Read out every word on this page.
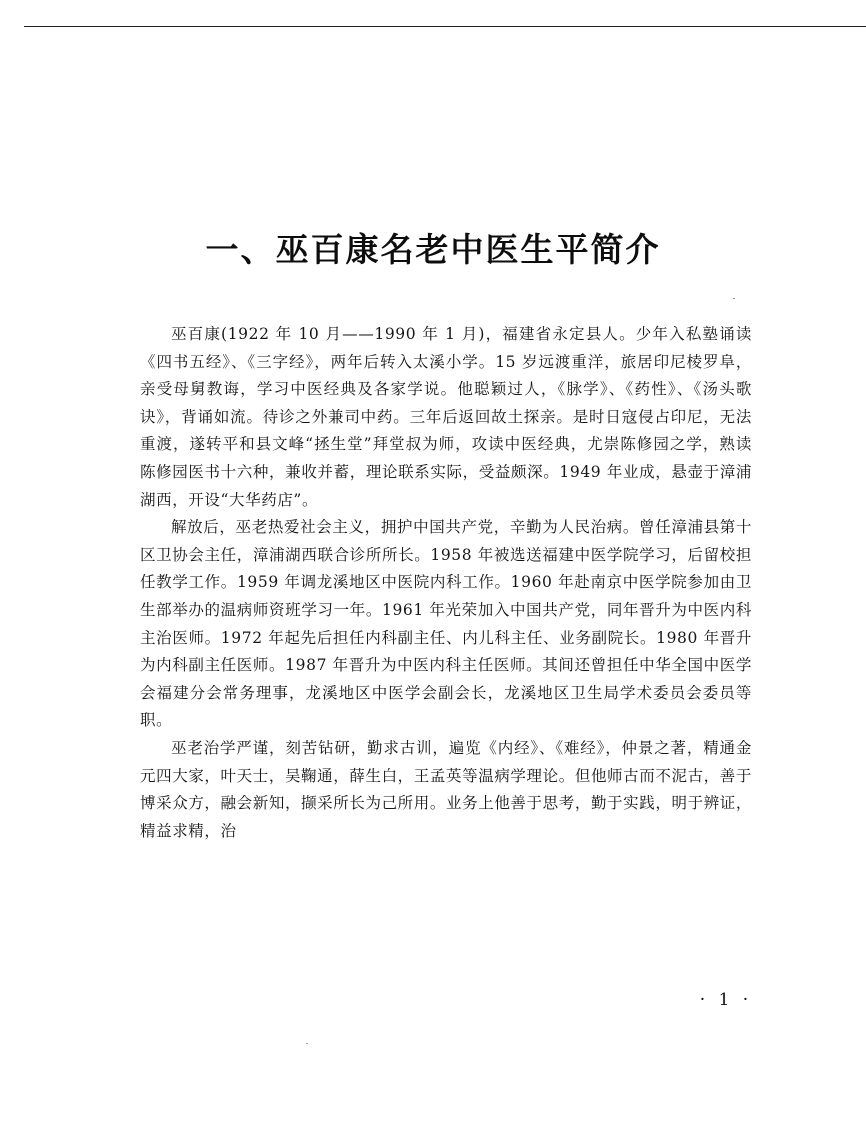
一、巫百康名老中医生平简介

巫百康(1922 年 10 月——1990 年 1 月)，福建省永定县人。少年入私塾诵读《四书五经》、《三字经》，两年后转入太溪小学。15 岁远渡重洋，旅居印尼棱罗阜，亲受母舅教诲，学习中医经典及各家学说。他聪颖过人，《脉学》、《药性》、《汤头歌诀》，背诵如流。待诊之外兼司中药。三年后返回故土探亲。是时日寇侵占印尼，无法重渡，遂转平和县文峰“拯生堂”拜堂叔为师，攻读中医经典，尤崇陈修园之学，熟读陈修园医书十六种，兼收并蓄，理论联系实际，受益颇深。1949 年业成，悬壶于漳浦湖西，开设“大华药店”。

解放后，巫老热爱社会主义，拥护中国共产党，辛勤为人民治病。曾任漳浦县第十区卫协会主任，漳浦湖西联合诊所所长。1958 年被选送福建中医学院学习，后留校担任教学工作。1959 年调龙溪地区中医院内科工作。1960 年赴南京中医学院参加由卫生部举办的温病师资班学习一年。1961 年光荣加入中国共产党，同年晋升为中医内科主治医师。1972 年起先后担任内科副主任、内儿科主任、业务副院长。1980 年晋升为内科副主任医师。1987 年晋升为中医内科主任医师。其间还曾担任中华全国中医学会福建分会常务理事，龙溪地区中医学会副会长，龙溪地区卫生局学术委员会委员等职。

巫老治学严谨，刻苦钻研，勤求古训，遍览《内经》、《难经》，仲景之著，精通金元四大家，叶天士，吴鞠通，薛生白，王孟英等温病学理论。但他师古而不泥古，善于博采众方，融会新知，撷采所长为己所用。业务上他善于思考，勤于实践，明于辨证，精益求精，治

· 1 ·
